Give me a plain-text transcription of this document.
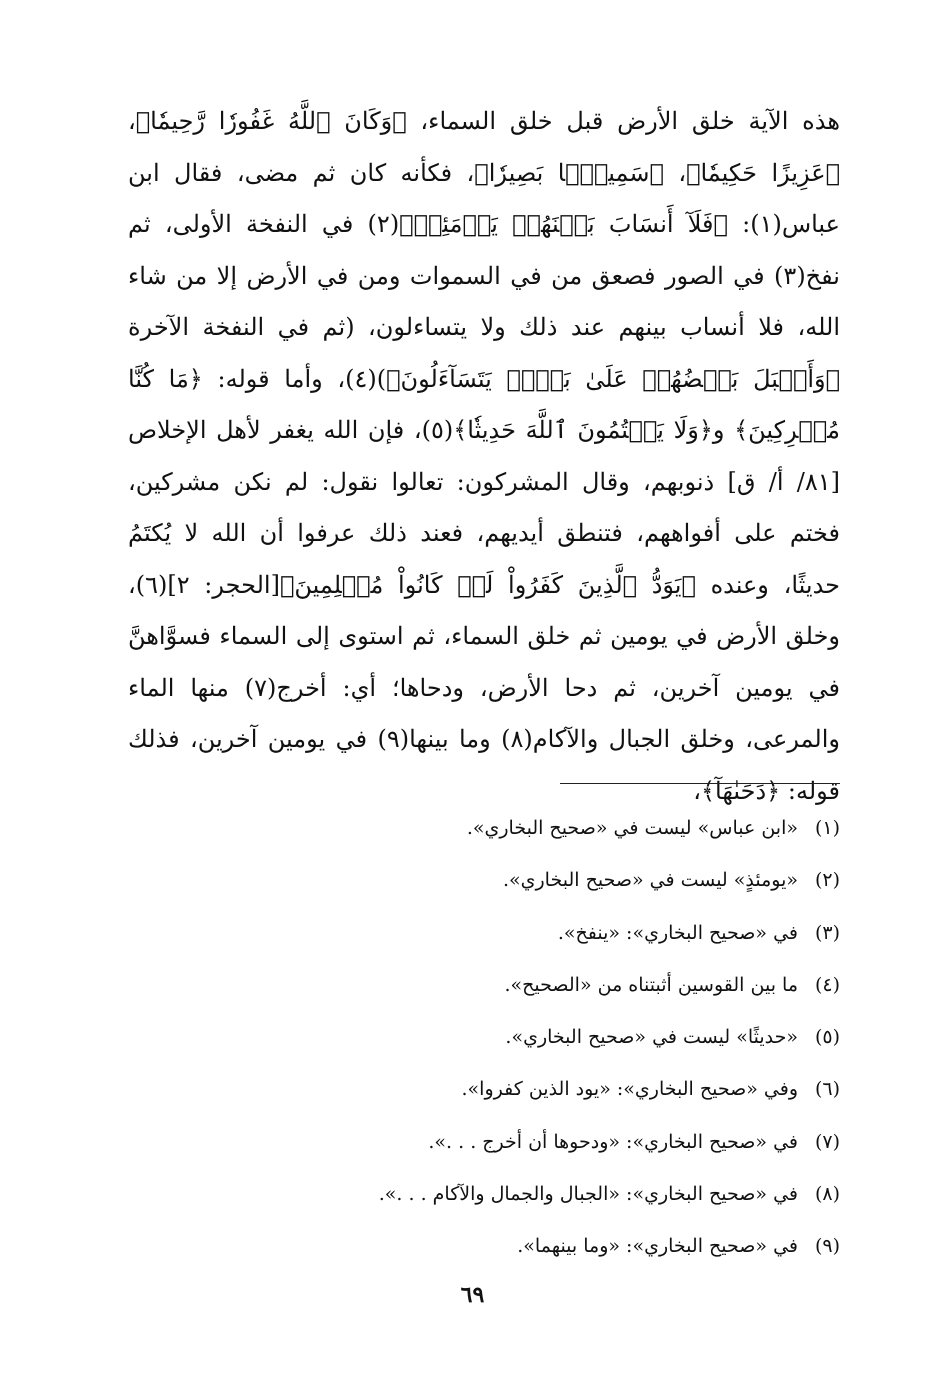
هذه الآية خلق الأرض قبل خلق السماء، ﴿وَكَانَ ٱللَّهُ غَفُورٗا رَّحِيمٗا﴾، ﴿عَزِيزًا حَكِيمٗا﴾، ﴿سَمِيعَۢا بَصِيرٗا﴾، فكأنه كان ثم مضى، فقال ابن عباس(١): ﴿فَلَآ أَنسَابَ بَيۡنَهُمۡ يَوۡمَئِذٖ﴾(٢) في النفخة الأولى، ثم نفخ(٣) في الصور فصعق من في السموات ومن في الأرض إلا من شاء الله، فلا أنساب بينهم عند ذلك ولا يتساءلون، (ثم في النفخة الآخرة ﴿وَأَقۡبَلَ بَعۡضُهُمۡ عَلَىٰ بَعۡضٖ يَتَسَآءَلُونَ﴾)(٤)، وأما قوله: ﴿مَا كُنَّا مُشۡرِكِينَ﴾ و﴿وَلَا يَكۡتُمُونَ ٱللَّهَ حَدِيثٗا﴾(٥)، فإن الله يغفر لأهل الإخلاص [٨١/ أ/ ق] ذنوبهم، وقال المشركون: تعالوا نقول: لم نكن مشركين، فختم على أفواههم، فتنطق أيديهم، فعند ذلك عرفوا أن الله لا يُكتَمُ حديثًا، وعنده ﴿يَوَدُّ ٱلَّذِينَ كَفَرُواْ لَوۡ كَانُواْ مُسۡلِمِينَ﴾[الحجر: ٢](٦)، وخلق الأرض في يومين ثم خلق السماء، ثم استوى إلى السماء فسوَّاهنَّ في يومين آخرين، ثم دحا الأرض، ودحاها؛ أي: أخرج(٧) منها الماء والمرعى، وخلق الجبال والآكام(٨) وما بينها(٩) في يومين آخرين، فذلك قوله: ﴿دَحَىٰهَآ﴾،

(١)«ابن عباس» ليست في «صحيح البخاري».
(٢)«يومئذٍ» ليست في «صحيح البخاري».
(٣)في «صحيح البخاري»: «ينفخ».
(٤)ما بين القوسين أثبتناه من «الصحيح».
(٥)«حديثًا» ليست في «صحيح البخاري».
(٦)وفي «صحيح البخاري»: «يود الذين كفروا».
(٧)في «صحيح البخاري»: «ودحوها أن أخرج . . .».
(٨)في «صحيح البخاري»: «الجبال والجمال والآكام . . .».
(٩)في «صحيح البخاري»: «وما بينهما».
٦٩
